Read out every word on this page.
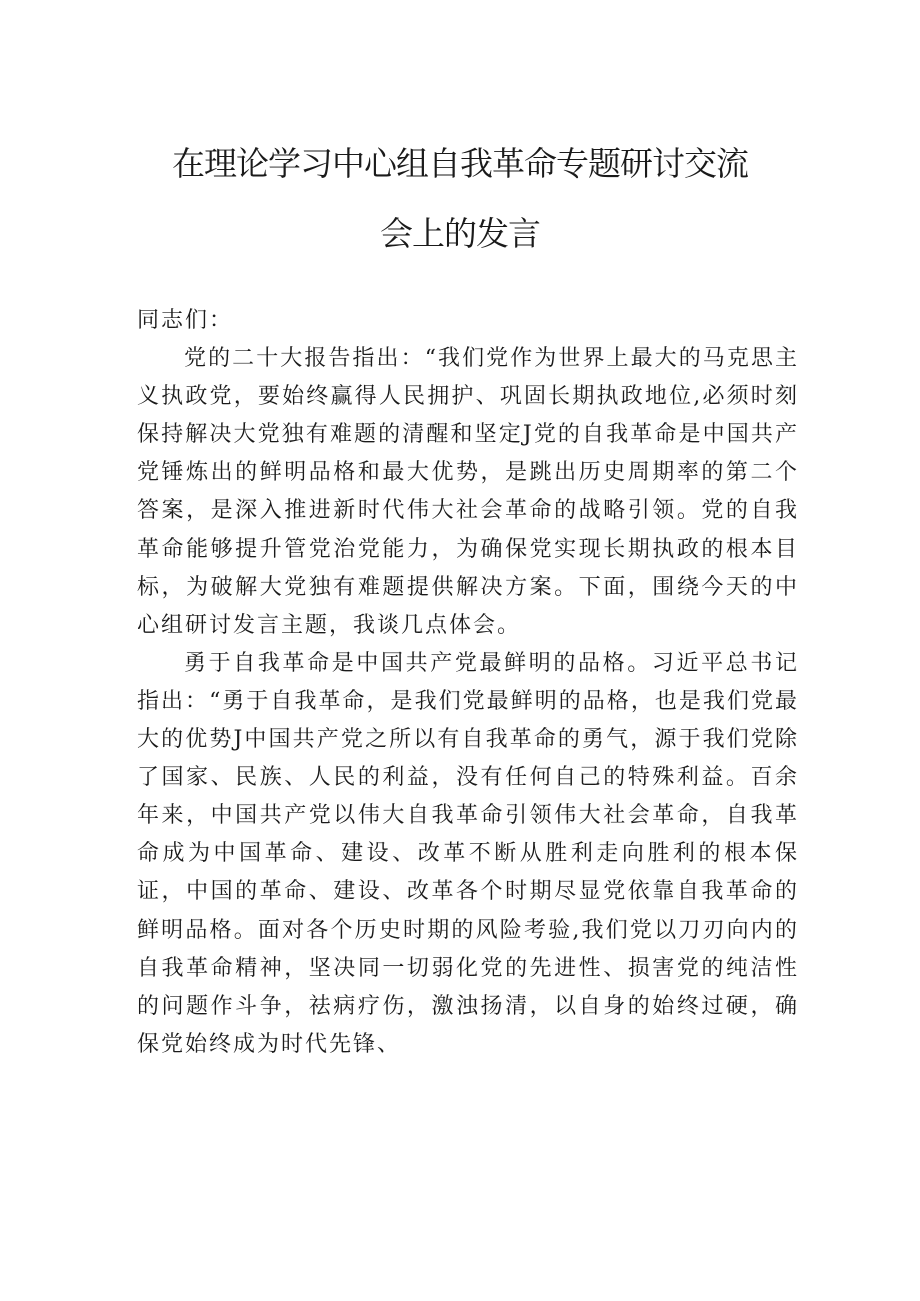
在理论学习中心组自我革命专题研讨交流
会上的发言

同志们：

党的二十大报告指出：“我们党作为世界上最大的马克思主义执政党，要始终赢得人民拥护、巩固长期执政地位,必须时刻保持解决大党独有难题的清醒和坚定J党的自我革命是中国共产党锤炼出的鲜明品格和最大优势，是跳出历史周期率的第二个答案，是深入推进新时代伟大社会革命的战略引领。党的自我革命能够提升管党治党能力，为确保党实现长期执政的根本目标，为破解大党独有难题提供解决方案。下面，围绕今天的中心组研讨发言主题，我谈几点体会。

勇于自我革命是中国共产党最鲜明的品格。习近平总书记指出：“勇于自我革命，是我们党最鲜明的品格，也是我们党最大的优势J中国共产党之所以有自我革命的勇气，源于我们党除了国家、民族、人民的利益，没有任何自己的特殊利益。百余年来，中国共产党以伟大自我革命引领伟大社会革命，自我革命成为中国革命、建设、改革不断从胜利走向胜利的根本保证，中国的革命、建设、改革各个时期尽显党依靠自我革命的鲜明品格。面对各个历史时期的风险考验,我们党以刀刃向内的自我革命精神，坚决同一切弱化党的先进性、损害党的纯洁性的问题作斗争，祛病疗伤，激浊扬清，以自身的始终过硬，确保党始终成为时代先锋、
